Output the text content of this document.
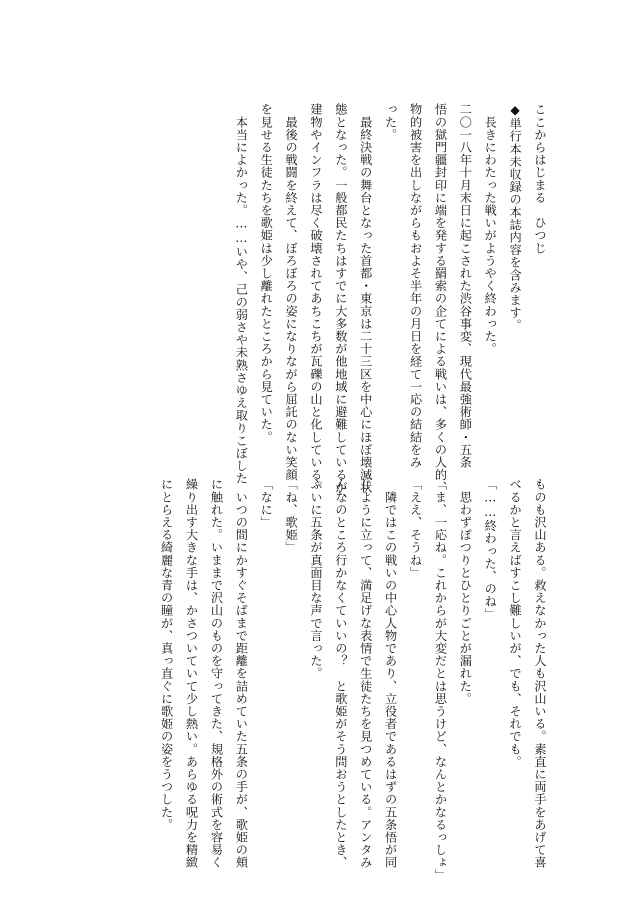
ここからはじまる　ひつじ
◆単行本未収録の本誌内容を含みます。
　長きにわたった戦いがようやく終わった。
二〇一八年十月末日に起こされた渋谷事変、現代最強術師・五条
悟の獄門疆封印に端を発する羂索の企てによる戦いは、多くの人的、
物的被害を出しながらもおよそ半年の月日を経て一応の結結をみ
った。
　最終決戦の舞台となった首都・東京は二十三区を中心にほぼ壊滅状
態となった。一般都民たちはすでに大多数が他地域に避難しているが、
建物やインフラは尽く破壊されてあちこちが瓦礫の山と化している。
　最後の戦闘を終えて、ぼろぼろの姿になりながら屈託のない笑顔
を見せる生徒たちを歌姫は少し離れたところから見ていた。
　本当によかった。……いや、己の弱さや未熟さゆえ取りこぼした
ものも沢山ある。救えなかった人も沢山いる。素直に両手をあげて喜
べるかと言えばすこし難しいが、でも、それでも。
「……終わった、のね」
　思わずぽつりとひとりごとが漏れた。
「ま、一応ね。これからが大変だとは思うけど、なんとかなるっしょ」
「ええ、そうね」
　隣ではこの戦いの中心人物であり、立役者であるはずの五条悟が同
じように立って、満足げな表情で生徒たちを見つめている。アンタみ
んなのところ行かなくていいの？　と歌姫がそう問おうとしたとき、
ふいに五条が真面目な声で言った。
「ね、歌姫」
「なに」
　いつの間にかすぐそばまで距離を詰めていた五条の手が、歌姫の頬
に触れた。いままで沢山のものを守ってきた、規格外の術式を容易く
繰り出す大きな手は、かさついていて少し熱い。あらゆる呪力を精緻
にとらえる綺麗な青の瞳が、真っ直ぐに歌姫の姿をうつした。
